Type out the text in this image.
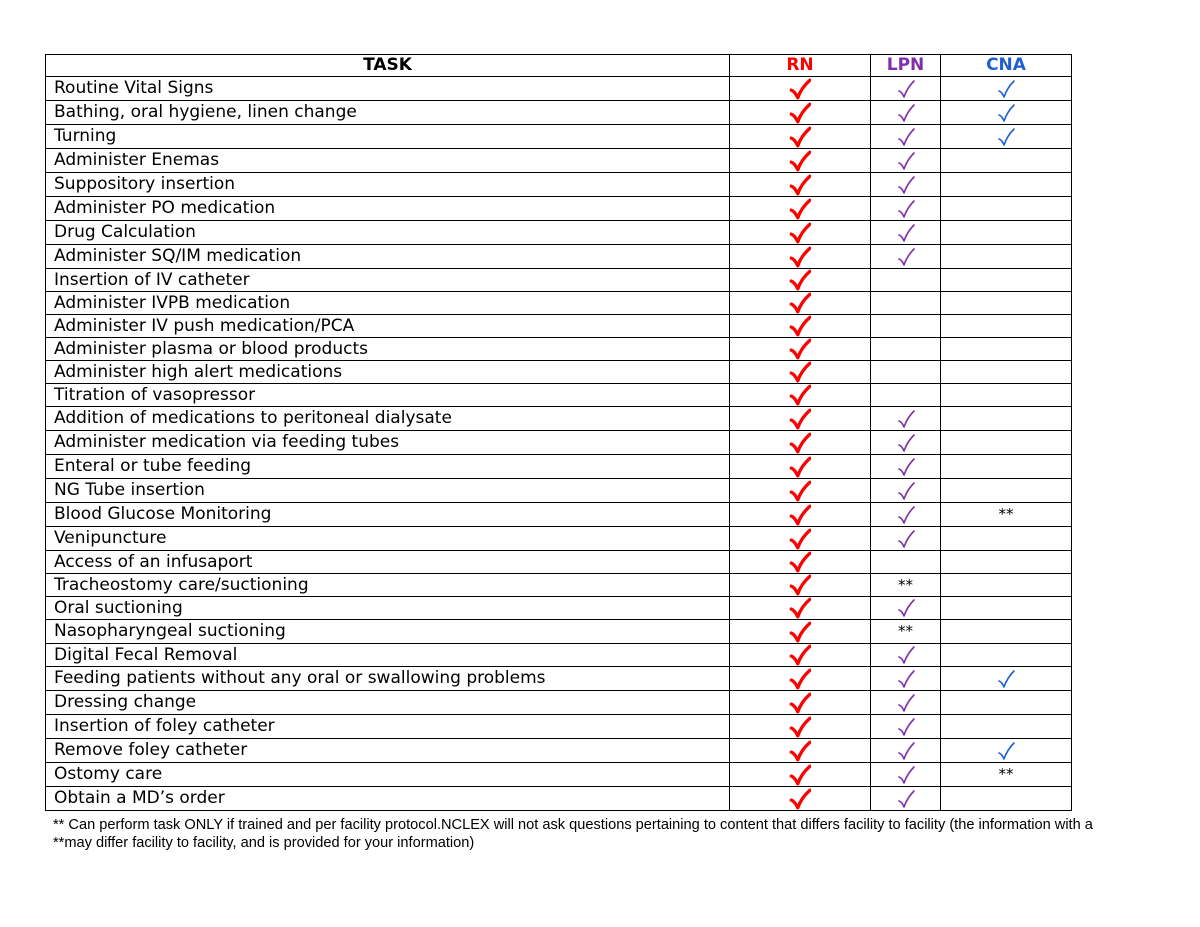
TASK	RN	LPN	CNA
Routine Vital Signs			
Bathing, oral hygiene, linen change			
Turning			
Administer Enemas			
Suppository insertion			
Administer PO medication			
Drug Calculation			
Administer SQ/IM medication			
Insertion of IV catheter			
Administer IVPB medication			
Administer IV push medication/PCA			
Administer plasma or blood products			
Administer high alert medications			
Titration of vasopressor			
Addition of medications to peritoneal dialysate			
Administer medication via feeding tubes			
Enteral or tube feeding			
NG Tube insertion			
Blood Glucose Monitoring			**
Venipuncture			
Access of an infusaport			
Tracheostomy care/suctioning		**	
Oral suctioning			
Nasopharyngeal suctioning		**	
Digital Fecal Removal			
Feeding patients without any oral or swallowing problems			
Dressing change			
Insertion of foley catheter			
Remove foley catheter			
Ostomy care			**
Obtain a MD’s order			
** Can perform task ONLY if trained and per facility protocol.NCLEX will not ask questions pertaining to content that differs facility to facility (the information with a **may differ facility to facility, and is provided for your information)
